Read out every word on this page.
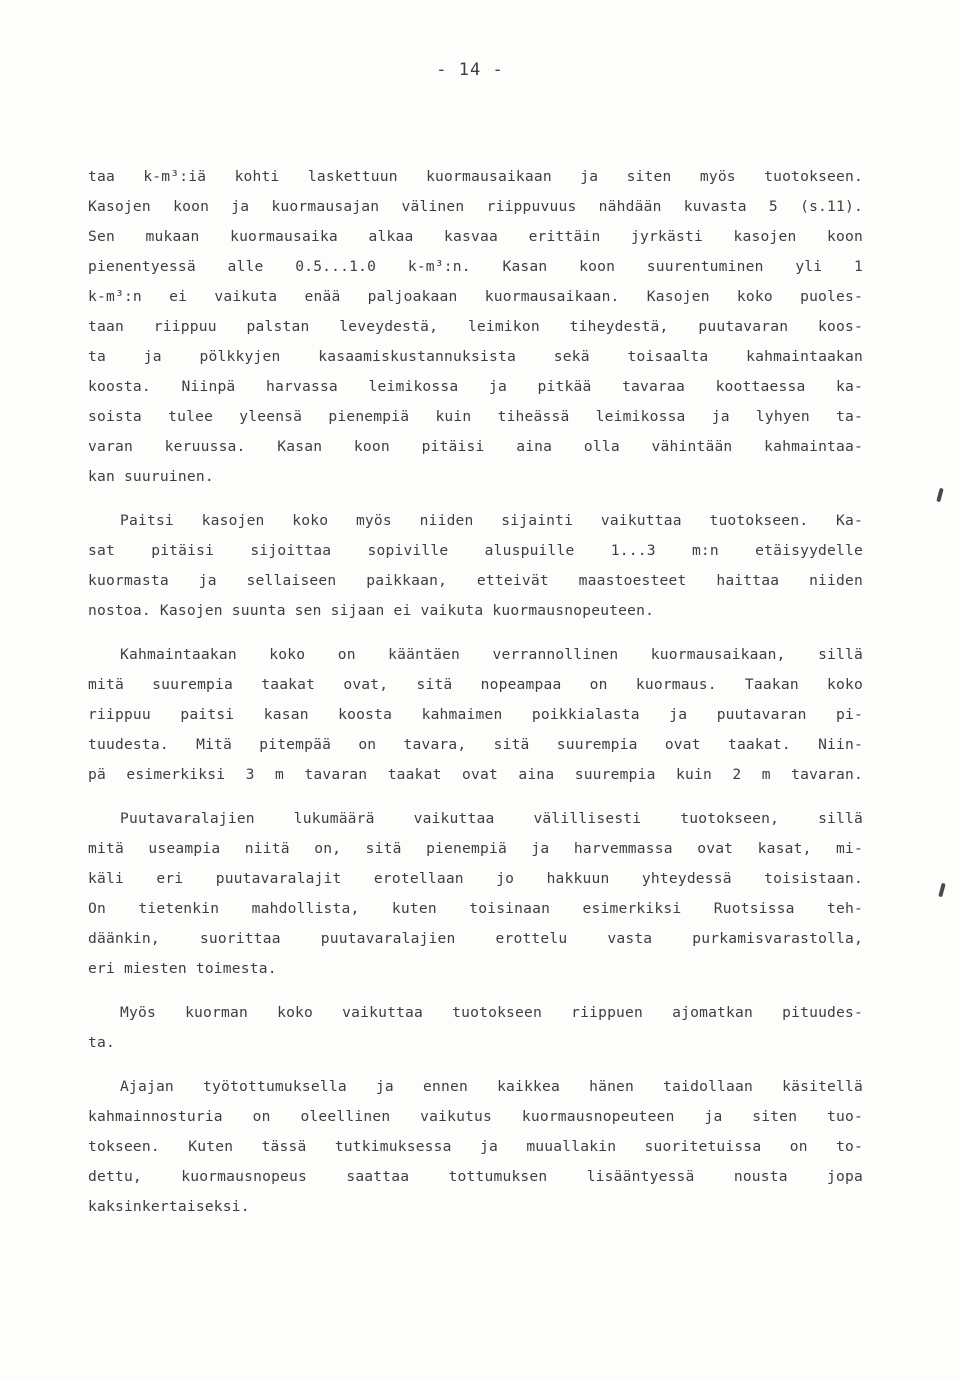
- 14 -
taa k-m³:iä kohti laskettuun kuormausaikaan ja siten myös tuotokseen.
Kasojen koon ja kuormausajan välinen riippuvuus nähdään kuvasta 5 (s.11).
Sen mukaan kuormausaika alkaa kasvaa erittäin jyrkästi kasojen koon
pienentyessä alle 0.5...1.0 k-m³:n. Kasan koon suurentuminen yli 1
k-m³:n ei vaikuta enää paljoakaan kuormausaikaan. Kasojen koko puoles-
taan riippuu palstan leveydestä, leimikon tiheydestä, puutavaran koos-
ta ja pölkkyjen kasaamiskustannuksista sekä toisaalta kahmaintaakan
koosta. Niinpä harvassa leimikossa ja pitkää tavaraa koottaessa ka-
soista tulee yleensä pienempiä kuin tiheässä leimikossa ja lyhyen ta-
varan keruussa. Kasan koon pitäisi aina olla vähintään kahmaintaa-
kan suuruinen.
Paitsi kasojen koko myös niiden sijainti vaikuttaa tuotokseen. Ka-
sat pitäisi sijoittaa sopiville aluspuille 1...3 m:n etäisyydelle
kuormasta ja sellaiseen paikkaan, etteivät maastoesteet haittaa niiden
nostoa. Kasojen suunta sen sijaan ei vaikuta kuormausnopeuteen.
Kahmaintaakan koko on kääntäen verrannollinen kuormausaikaan, sillä
mitä suurempia taakat ovat, sitä nopeampaa on kuormaus. Taakan koko
riippuu paitsi kasan koosta kahmaimen poikkialasta ja puutavaran pi-
tuudesta. Mitä pitempää on tavara, sitä suurempia ovat taakat. Niin-
pä esimerkiksi 3 m tavaran taakat ovat aina suurempia kuin 2 m tavaran.
Puutavaralajien lukumäärä vaikuttaa välillisesti tuotokseen, sillä
mitä useampia niitä on, sitä pienempiä ja harvemmassa ovat kasat, mi-
käli eri puutavaralajit erotellaan jo hakkuun yhteydessä toisistaan.
On tietenkin mahdollista, kuten toisinaan esimerkiksi Ruotsissa teh-
däänkin, suorittaa puutavaralajien erottelu vasta purkamisvarastolla,
eri miesten toimesta.
Myös kuorman koko vaikuttaa tuotokseen riippuen ajomatkan pituudes-
ta.
Ajajan työtottumuksella ja ennen kaikkea hänen taidollaan käsitellä
kahmainnosturia on oleellinen vaikutus kuormausnopeuteen ja siten tuo-
tokseen. Kuten tässä tutkimuksessa ja muuallakin suoritetuissa on to-
dettu, kuormausnopeus saattaa tottumuksen lisääntyessä nousta jopa
kaksinkertaiseksi.
